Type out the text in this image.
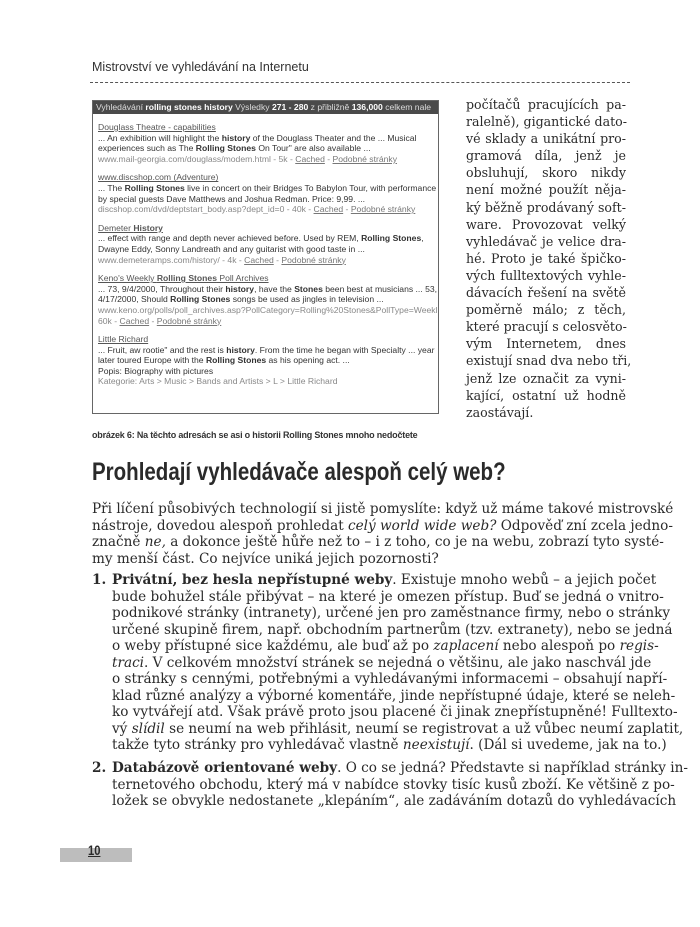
Mistrovství ve vyhledávání na Internetu
Vyhledávání rolling stones history Výsledky 271 - 280 z přibližně 136,000 celkem nale
Douglass Theatre - capabilities
... An exhibition will highlight the history of the Douglass Theater and the ... Musical
experiences such as The Rolling Stones On Tour" are also available ...
www.mail-georgia.com/douglass/modem.html - 5k - Cached - Podobné stránky
www.discshop.com (Adventure)
... The Rolling Stones live in concert on their Bridges To Babylon Tour, with performance
by special guests Dave Matthews and Joshua Redman. Price: 9,99. ...
discshop.com/dvd/deptstart_body.asp?dept_id=0 - 40k - Cached - Podobné stránky
Demeter History
... effect with range and depth never achieved before. Used by REM, Rolling Stones,
Dwayne Eddy, Sonny Landreath and any guitarist with good taste in ...
www.demeteramps.com/history/ - 4k - Cached - Podobné stránky
Keno's Weekly Rolling Stones Poll Archives
... 73, 9/4/2000, Throughout their history, have the Stones been best at musicians ... 53,
4/17/2000, Should Rolling Stones songs be used as jingles in television ...
www.keno.org/polls/poll_archives.asp?PollCategory=Rolling%20Stones&PollType=Weekl
60k - Cached - Podobné stránky
Little Richard
... Fruit, aw rootie" and the rest is history. From the time he began with Specialty ... year
later toured Europe with the Rolling Stones as his opening act. ...
Popis: Biography with pictures
Kategorie: Arts > Music > Bands and Artists > L > Little Richard
počítačů pracujících pa-
ralelně), gigantické dato-
vé sklady a unikátní pro-
gramová díla, jenž je
obsluhují, skoro nikdy
není možné použít něja-
ký běžně prodávaný soft-
ware. Provozovat velký
vyhledávač je velice dra-
hé. Proto je také špičko-
vých fulltextových vyhle-
dávacích řešení na světě
poměrně málo; z těch,
které pracují s celosvěto-
vým Internetem, dnes
existují snad dva nebo tři,
jenž lze označit za vyni-
kající, ostatní už hodně
zaostávají.
obrázek 6: Na těchto adresách se asi o historii Rolling Stones mnoho nedočtete
Prohledají vyhledávače alespoň celý web?
Při líčení působivých technologií si jistě pomyslíte: když už máme takové mistrovské
nástroje, dovedou alespoň prohledat celý world wide web? Odpověď zní zcela jedno-
značně ne, a dokonce ještě hůře než to – i z toho, co je na webu, zobrazí tyto systé-
my menší část. Co nejvíce uniká jejich pozornosti?
1. Privátní, bez hesla nepřístupné weby. Existuje mnoho webů – a jejich počet
bude bohužel stále přibývat – na které je omezen přístup. Buď se jedná o vnitro-
podnikové stránky (intranety), určené jen pro zaměstnance firmy, nebo o stránky
určené skupině firem, např. obchodním partnerům (tzv. extranety), nebo se jedná
o weby přístupné sice každému, ale buď až po zaplacení nebo alespoň po regis-
traci. V celkovém množství stránek se nejedná o většinu, ale jako naschvál jde
o stránky s cennými, potřebnými a vyhledávanými informacemi – obsahují napří-
klad různé analýzy a výborné komentáře, jinde nepřístupné údaje, které se neleh-
ko vytvářejí atd. Však právě proto jsou placené či jinak znepřístupněné! Fulltexto-
vý slídil se neumí na web přihlásit, neumí se registrovat a už vůbec neumí zaplatit,
takže tyto stránky pro vyhledávač vlastně neexistují. (Dál si uvedeme, jak na to.)
2. Databázově orientované weby. O co se jedná? Představte si například stránky in-
ternetového obchodu, který má v nabídce stovky tisíc kusů zboží. Ke většině z po-
ložek se obvykle nedostanete „klepáním“, ale zadáváním dotazů do vyhledávacích
10
